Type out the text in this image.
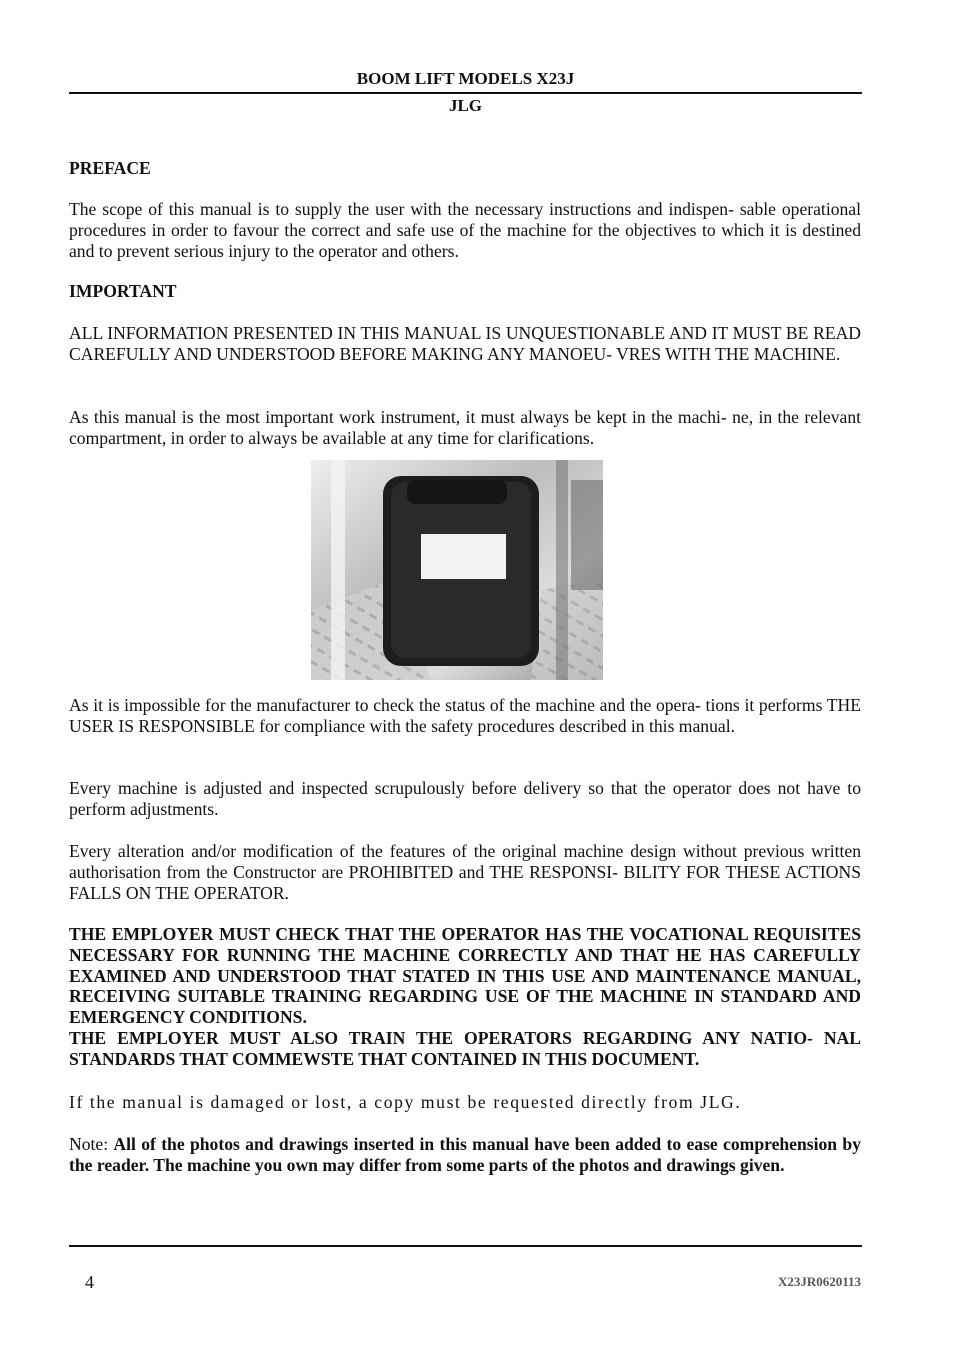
BOOM LIFT MODELS X23J
JLG
PREFACE
The scope of this manual is to supply the user with the necessary instructions and indispen- sable operational procedures in order to favour the correct and safe use of the machine for the objectives to which it is destined and to prevent serious injury to the operator and others.
IMPORTANT
ALL INFORMATION PRESENTED IN THIS MANUAL IS UNQUESTIONABLE AND IT MUST BE READ CAREFULLY AND UNDERSTOOD BEFORE MAKING ANY MANOEU- VRES WITH THE MACHINE.
As this manual is the most important work instrument, it must always be kept in the machi- ne, in the relevant compartment, in order to always be available at any time for clarifications.
As it is impossible for the manufacturer to check the status of the machine and the opera- tions it performs THE USER IS RESPONSIBLE for compliance with the safety procedures described in this manual.
Every machine is adjusted and inspected scrupulously before delivery so that the operator does not have to perform adjustments.
Every alteration and/or modification of the features of the original machine design without previous written authorisation from the Constructor are PROHIBITED and THE RESPONSI- BILITY FOR THESE ACTIONS FALLS ON THE OPERATOR.
THE EMPLOYER MUST CHECK THAT THE OPERATOR HAS THE VOCATIONAL REQUISITES NECESSARY FOR RUNNING THE MACHINE CORRECTLY AND THAT HE HAS CAREFULLY EXAMINED AND UNDERSTOOD THAT STATED IN THIS USE AND MAINTENANCE MANUAL, RECEIVING SUITABLE TRAINING REGARDING USE OF THE MACHINE IN STANDARD AND EMERGENCY CONDITIONS.
THE EMPLOYER MUST ALSO TRAIN THE OPERATORS REGARDING ANY NATIO- NAL STANDARDS THAT COMMEWSTE THAT CONTAINED IN THIS DOCUMENT.
If the manual is damaged or lost, a copy must be requested directly from JLG.
Note: All of the photos and drawings inserted in this manual have been added to ease comprehension by the reader. The machine you own may differ from some parts of the photos and drawings given.
4	X23JR0620113
